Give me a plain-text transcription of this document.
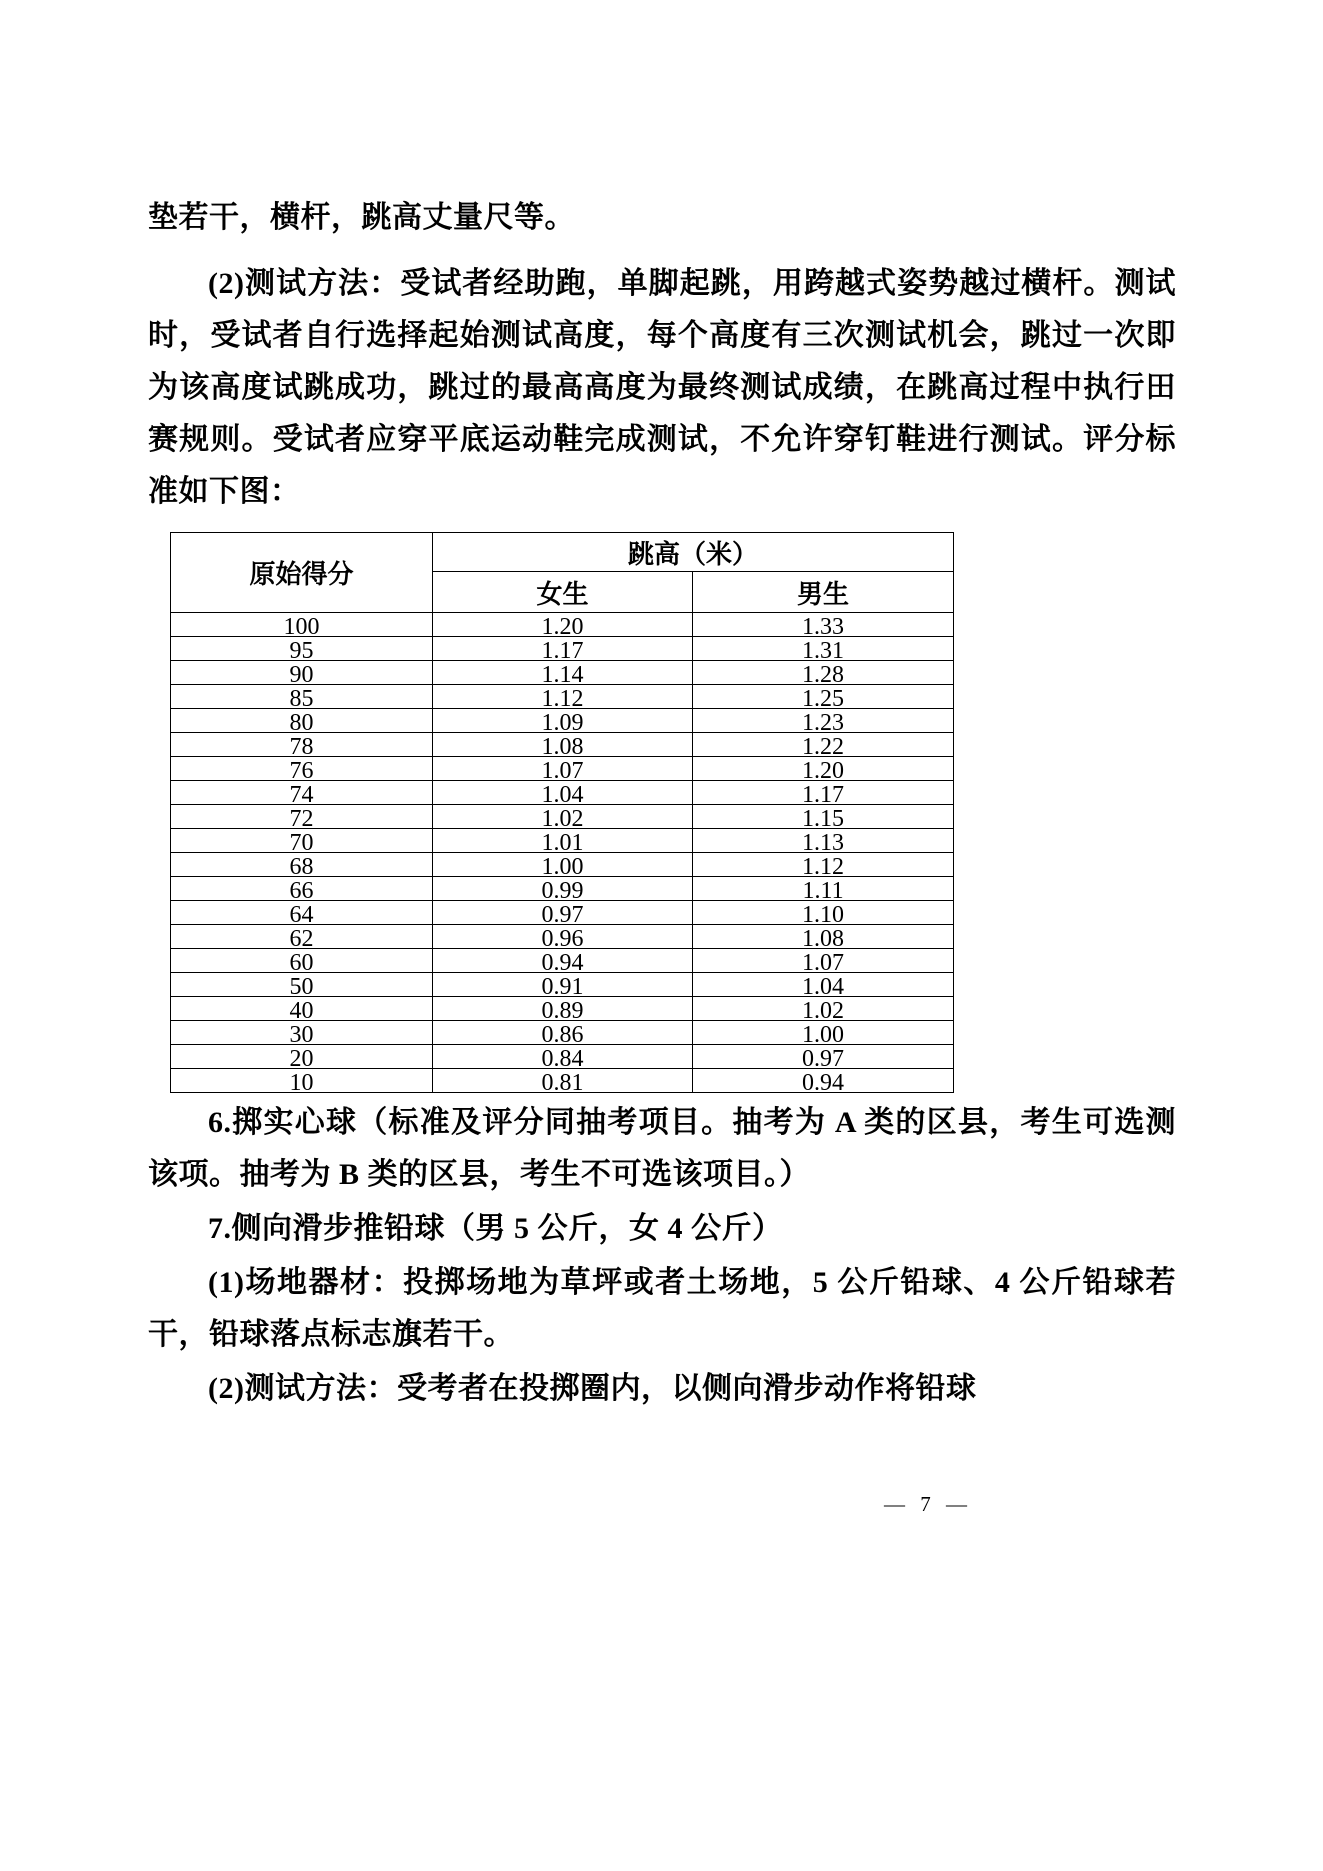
垫若干，横杆，跳高丈量尺等。

(2)测试方法：受试者经助跑，单脚起跳，用跨越式姿势越过横杆。测试时，受试者自行选择起始测试高度，每个高度有三次测试机会，跳过一次即为该高度试跳成功，跳过的最高高度为最终测试成绩，在跳高过程中执行田赛规则。受试者应穿平底运动鞋完成测试，不允许穿钉鞋进行测试。评分标准如下图：

原始得分	跳高（米）	
	女生	男生

100	1.20	1.33

95	1.17	1.31

90	1.14	1.28

85	1.12	1.25

80	1.09	1.23

78	1.08	1.22

76	1.07	1.20

74	1.04	1.17

72	1.02	1.15

70	1.01	1.13

68	1.00	1.12

66	0.99	1.11

64	0.97	1.10

62	0.96	1.08

60	0.94	1.07

50	0.91	1.04

40	0.89	1.02

30	0.86	1.00

20	0.84	0.97

10	0.81	0.94

6.掷实心球（标准及评分同抽考项目。抽考为 A 类的区县，考生可选测该项。抽考为 B 类的区县，考生不可选该项目。）

7.侧向滑步推铅球（男 5 公斤，女 4 公斤）

(1)场地器材：投掷场地为草坪或者土场地，5 公斤铅球、4 公斤铅球若干，铅球落点标志旗若干。

(2)测试方法：受考者在投掷圈内，以侧向滑步动作将铅球

— 7 —
